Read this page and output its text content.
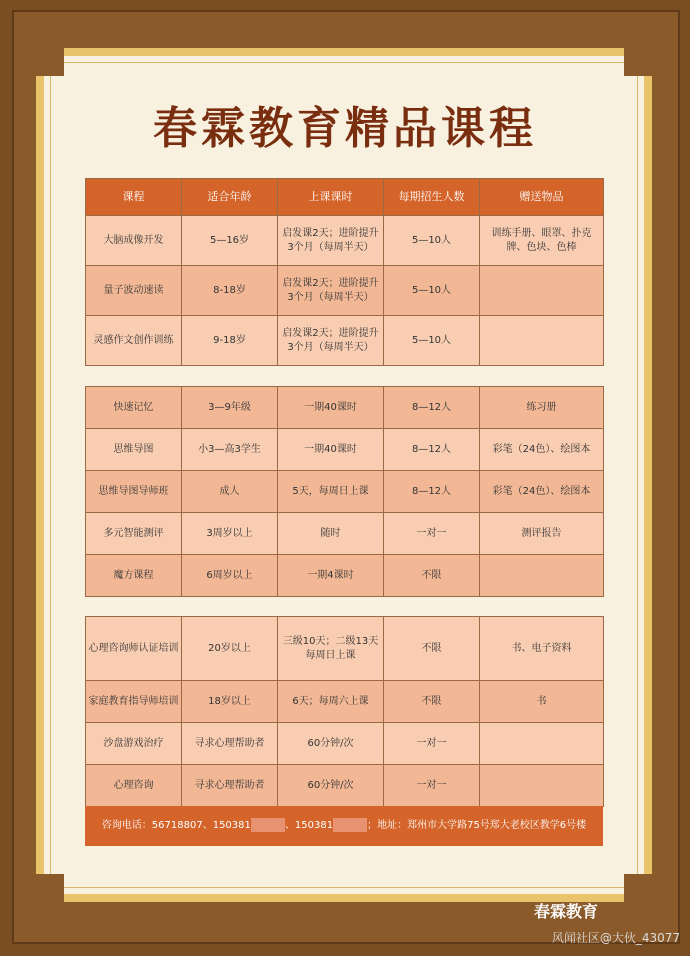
春霖教育精品课程
课程	适合年龄	上课课时	每期招生人数	赠送物品
大脑成像开发	5—16岁	启发课2天；进阶提升3个月（每周半天）	5—10人	训练手册、眼罩、扑克牌、色块、色棒
量子波动速读	8-18岁	启发课2天；进阶提升3个月（每周半天）	5—10人	
灵感作文创作训练	9-18岁	启发课2天；进阶提升3个月（每周半天）	5—10人	
快速记忆	3—9年级	一期40课时	8—12人	练习册
思维导图	小3—高3学生	一期40课时	8—12人	彩笔（24色）、绘图本
思维导图导师班	成人	5天，每周日上课	8—12人	彩笔（24色）、绘图本
多元智能测评	3周岁以上	随时	一对一	测评报告
魔方课程	6周岁以上	一期4课时	不限	
心理咨询师认证培训	20岁以上	三级10天；二级13天每周日上课	不限	书、电子资料
家庭教育指导师培训	18岁以上	6天；每周六上课	不限	书
沙盘游戏治疗	寻求心理帮助者	60分钟/次	一对一	
心理咨询	寻求心理帮助者	60分钟/次	一对一	
咨询电话：56718807、150381	、150381	；地址：郑州市大学路75号郑大老校区教学6号楼
春霖教育
风闻社区@大伙_43077
